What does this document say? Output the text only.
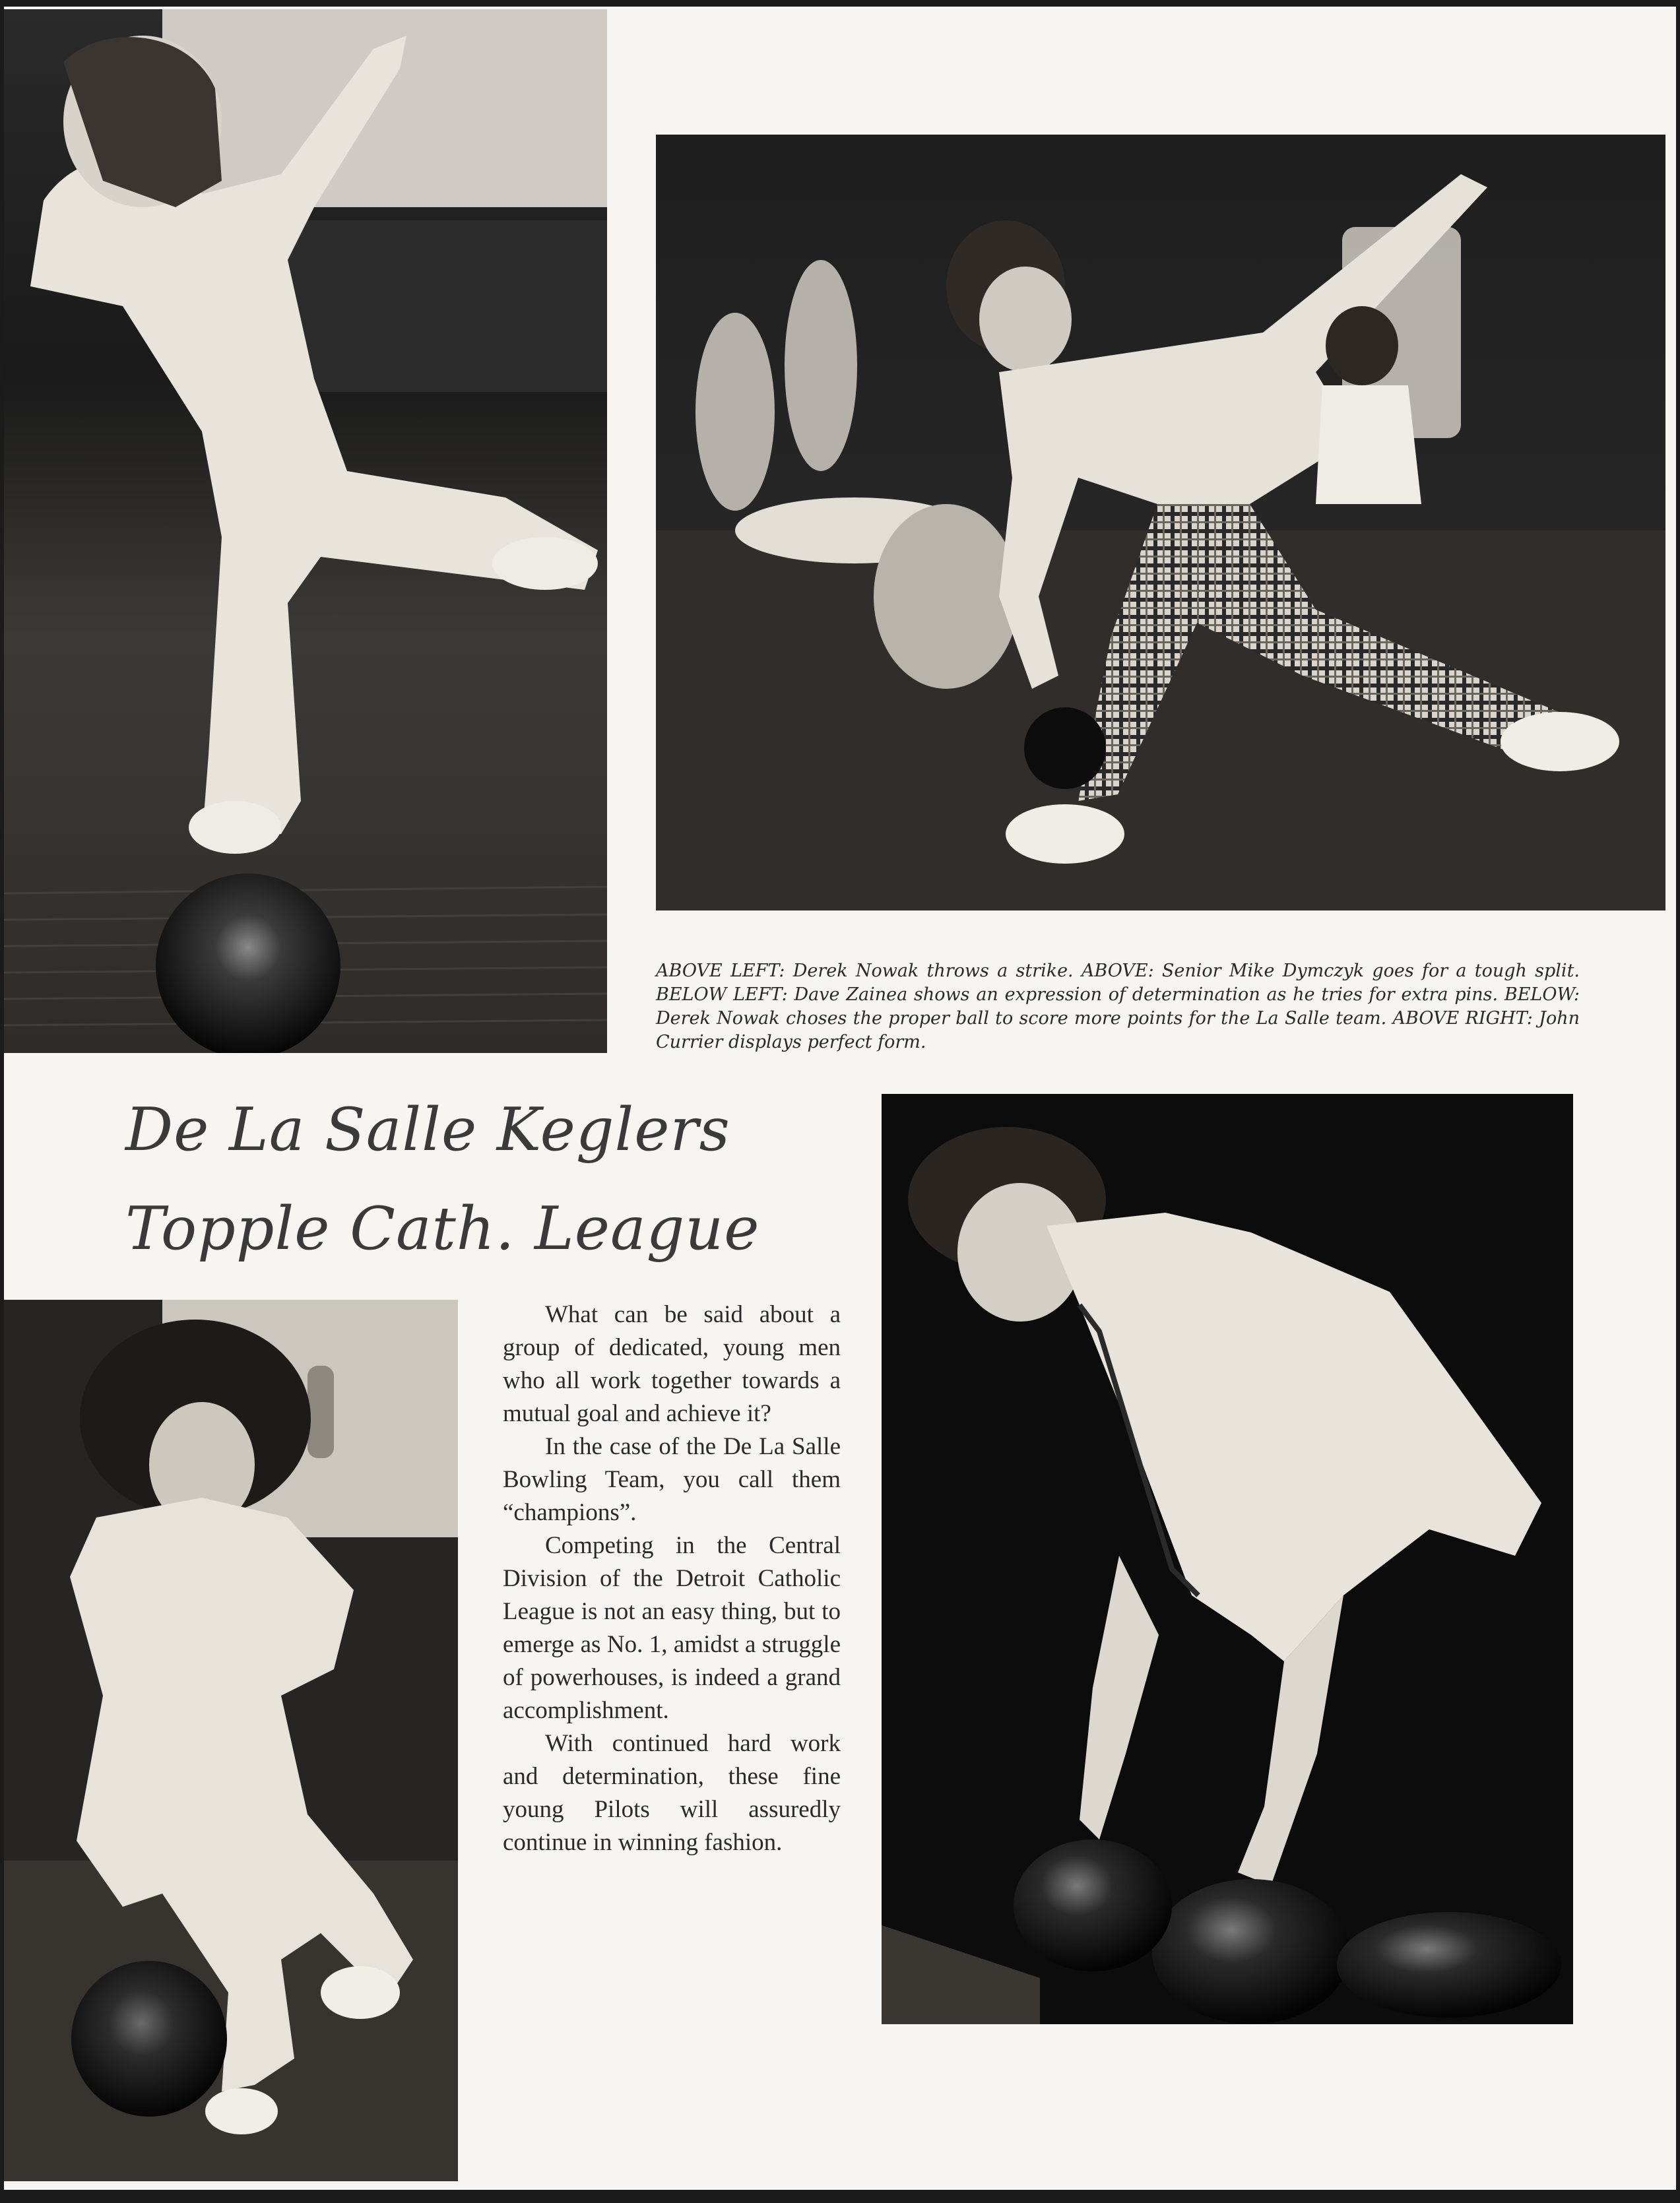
ABOVE LEFT: Derek Nowak throws a strike. ABOVE: Senior Mike Dymczyk goes for a tough split. BELOW LEFT: Dave Zainea shows an expression of determination as he tries for extra pins. BELOW: Derek Nowak choses the proper ball to score more points for the La Salle team. ABOVE RIGHT: John Currier displays perfect form.
De La Salle Keglers
Topple Cath. League

What can be said about a group of dedicated, young men who all work together towards a mutual goal and achieve it?

In the case of the De La Salle Bowling Team, you call them “champions”.

Competing in the Central Division of the Detroit Catholic League is not an easy thing, but to emerge as No. 1, amidst a struggle of powerhouses, is indeed a grand accomplishment.

With continued hard work and determination, these fine young Pilots will assuredly continue in winning fashion.
